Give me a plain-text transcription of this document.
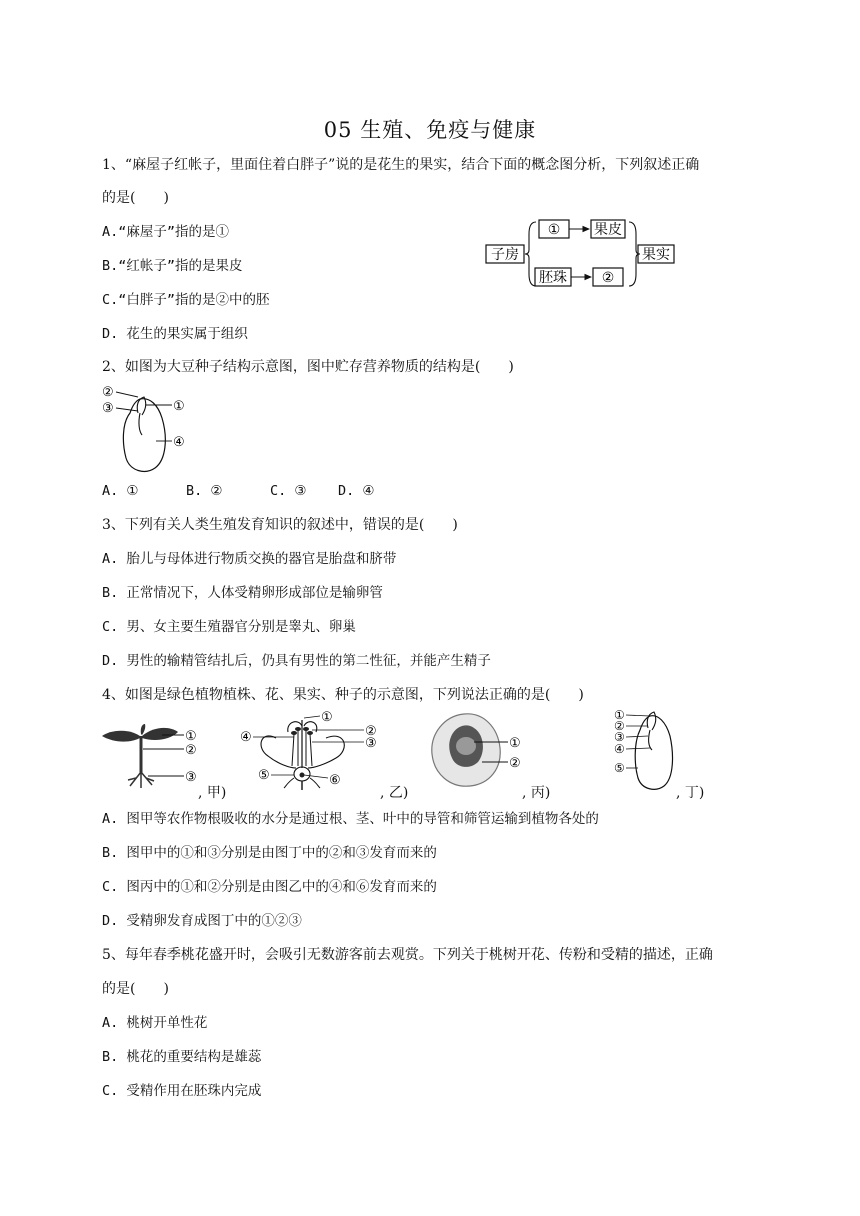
05 生殖、免疫与健康
1、“麻屋子红帐子，里面住着白胖子”说的是花生的果实，结合下面的概念图分析，下列叙述正确
的是(　　)
A.“麻屋子”指的是①
B.“红帐子”指的是果皮
C.“白胖子”指的是②中的胚
D. 花生的果实属于组织
子房
① 果皮
胚珠 ②
果实
2、如图为大豆种子结构示意图，图中贮存营养物质的结构是(　　)
②
③	①
④
A. ①	B. ②	C. ③ D. ④
3、下列有关人类生殖发育知识的叙述中，错误的是(　　)
A. 胎儿与母体进行物质交换的器官是胎盘和脐带
B. 正常情况下，人体受精卵形成部位是输卵管
C. 男、女主要生殖器官分别是睾丸、卵巢
D. 男性的输精管结扎后，仍具有男性的第二性征，并能产生精子
4、如图是绿色植物植株、花、果实、种子的示意图，下列说法正确的是(　　)
①
②
③
, 甲)
①
②
③
④
⑤	⑥
, 乙)
①
②
, 丙)
①
②
③
④
⑤
, 丁)
A. 图甲等农作物根吸收的水分是通过根、茎、叶中的导管和筛管运输到植物各处的
B. 图甲中的①和③分别是由图丁中的②和③发育而来的
C. 图丙中的①和②分别是由图乙中的④和⑥发育而来的
D. 受精卵发育成图丁中的①②③
5、每年春季桃花盛开时，会吸引无数游客前去观赏。下列关于桃树开花、传粉和受精的描述，正确
的是(　　)
A. 桃树开单性花
B. 桃花的重要结构是雄蕊
C. 受精作用在胚珠内完成
